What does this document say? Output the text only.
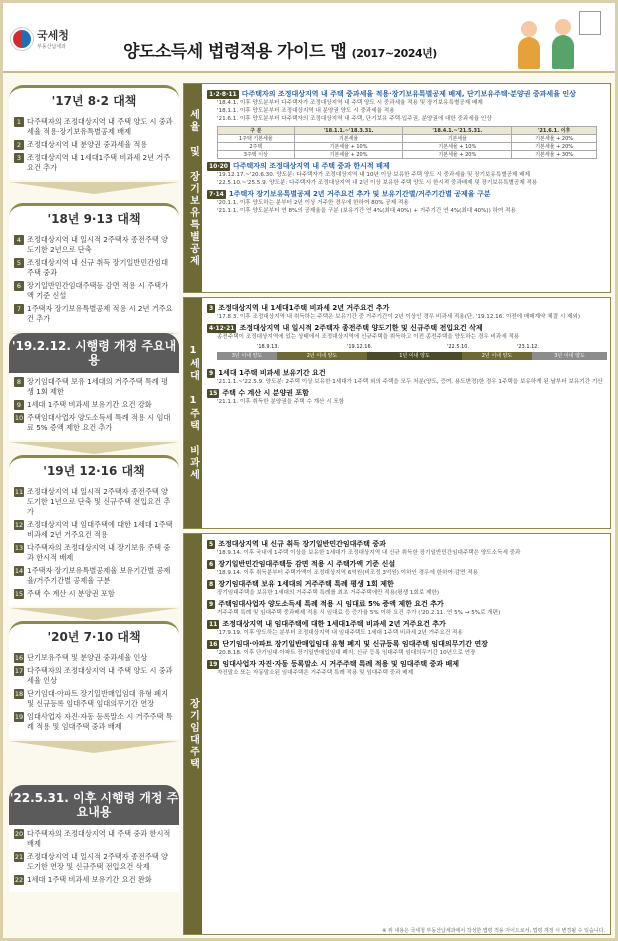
국세청
부동산납세과	양도소득세 법령적용 가이드 맵 (2017~2024년)
'17년 8·2 대책
1 다주택자의 조정대상지역 내 주택 양도 시 중과세율 적용·장기보유특별공제 배제
2 조정대상지역 내 분양권 중과세율 적용
3 조정대상지역 내 1세대1주택 비과세 2년 거주요건 추가
'18년 9·13 대책
4 조정대상지역 내 일시적 2주택자 종전주택 양도기한 2년으로 단축
5 조정대상지역 내 신규 취득 장기일반민간임대주택 중과
6 장기일반민간임대주택등 감면 적용 시 주택가액 기준 신설
7 1주택자 장기보유특별공제 적용 시 2년 거주요건 추가
'19.2.12. 시행령 개정 주요내용
8 장기임대주택 보유 1세대의 거주주택 특례 평생 1회 제한
9 1세대 1주택 비과세 보유기간 요건 강화
10 주택임대사업자 양도소득세 특례 적용 시 임대료 5% 증액 제한 요건 추가
'19년 12·16 대책
11 조정대상지역 내 일시적 2주택자 종전주택 양도기한 1년으로 단축 및 신규주택 전입요건 추가
12 조정대상지역 내 임대주택에 대한 1세대 1주택 비과세 2년 거주요건 적용
13 다주택자의 조정대상지역 내 장기보유 주택 중과 한시적 배제
14 1주택자 장기보유특별공제율 보유기간별 공제율/거주기간별 공제율 구분
15 주택 수 계산 시 분양권 포함
'20년 7·10 대책
16 단기보유주택 및 분양권 중과세율 인상
17 다주택자의 조정대상지역 내 주택 양도 시 중과세율 인상
18 단기임대·아파트 장기일반매입임대 유형 폐지 및 신규등록 임대주택 임대의무기간 연장
19 임대사업자 자진·자동 등록말소 시 거주주택 특례 적용 및 임대주택 중과 배제
'22.5.31. 이후 시행령 개정 주요내용
20 다주택자의 조정대상지역 내 주택 중과 한시적 배제
21 조정대상지역 내 일시적 2주택자 종전주택 양도기한 연장 및 신규주택 전입요건 삭제
22 1세대 1주택 비과세 보유기간 요건 완화
세율 및 장기보유특별공제
1·2·8·11 다주택자의 조정대상지역 내 주택 중과세율 적용·장기보유특별공제 배제, 단기보유주택·분양권 중과세율 인상
'18.4.1. 이후 양도분부터 다주택자가 조정대상지역 내 주택 양도 시 중과세율 적용 및 장기보유특별공제 배제
'18.1.1. 이후 양도분부터 조정대상지역 내 분양권 양도 시 중과세율 적용
'21.6.1. 이후 양도분부터 다주택자의 조정대상지역 내 주택, 단기보유 주택·입주권, 분양권에 대한 중과세율 인상
구 분	'18.1.1.~'18.3.31.	'18.4.1.~'21.5.31.	'21.6.1. 이후
1주택 기본세율	기본세율	기본세율	기본세율 + 20%
2주택	기본세율 + 10%	기본세율 + 10%	기본세율 + 20%
3주택 이상	기본세율 + 20%	기본세율 + 20%	기본세율 + 30%
10·20 다주택자의 조정대상지역 내 주택 중과 한시적 배제
'19.12.17.~'20.6.30. 양도분: 다주택자가 조정대상지역 내 10년 이상 보유한 주택 양도 시 중과세율 및 장기보유특별공제 배제
'22.5.10.~'25.5.9. 양도분: 다주택자가 조정대상지역 내 2년 이상 보유한 주택 양도 시 한시적 중과배제 및 장기보유특별공제 적용
7·14 1주택자 장기보유특별공제 2년 거주요건 추가 및 보유기간별/거주기간별 공제율 구분
'20.1.1. 이후 양도하는 분부터 2년 이상 거주한 경우에 한하여 80% 공제 적용
'21.1.1. 이후 양도분부터 연 8%의 공제율을 구분 (보유기간 연 4%(최대 40%) + 거주기간 연 4%(최대 40%)) 하여 적용
1세대 1주택 비과세
3 조정대상지역 내 1세대1주택 비과세 2년 거주요건 추가
'17.8.3. 이후 조정대상지역 내 취득하는 주택은 보유기간 중 거주기간이 2년 이상인 경우 비과세 적용(단, '19.12.16. 이전에 매매계약 체결 시 제외)
4·12·21 조정대상지역 내 일시적 2주택자 종전주택 양도기한 및 신규주택 전입요건 삭제
종전주택이 조정대상지역에 있는 상태에서 조정대상지역에 신규주택을 취득하고 이전 종전주택을 양도하는 경우 비과세 적용
'18.9.13.	'19.12.16.	'22.5.10.	'23.1.12.
3년 이내 양도	2년 이내 양도	1년 이내 양도	2년 이내 양도	3년 이내 양도
9 1세대 1주택 비과세 보유기간 요건
'21.1.1.~'22.5.9. 양도분: 2주택 이상 보유한 1세대가 1주택 외의 주택을 모두 처분(양도, 증여, 용도변경)한 경우 1주택을 보유하게 된 날부터 보유기간 기산
15 주택 수 계산 시 분양권 포함
'21.1.1. 이후 취득한 분양권을 주택 수 계산 시 포함
장기임대주택
5 조정대상지역 내 신규 취득 장기일반민간임대주택 중과
'18.9.14. 이후 국내에 1주택 이상을 보유한 1세대가 조정대상지역 내 신규 취득한 장기일반민간임대주택은 양도소득세 중과
6 장기일반민간임대주택등 감면 적용 시 주택가액 기준 신설
'18.9.14. 이후 취득분부터 주택가액이 조정대상지역 6억원(비조정 3억원) 이하인 경우에 한하여 감면 적용
8 장기임대주택 보유 1세대의 거주주택 특례 평생 1회 제한
장기임대주택을 보유한 1세대의 거주주택 특례를 최초 거주주택에만 적용(평생 1회로 제한)
9 주택임대사업자 양도소득세 특례 적용 시 임대료 5% 증액 제한 요건 추가
거주주택 특례 및 임대주택 중과배제 적용 시 임대료 등 증가율 5% 이하 요건 추가 ('20.2.11. 연 5% → 5%로 개편)
11 조정대상지역 내 임대주택에 대한 1세대1주택 비과세 2년 거주요건 추가
'17.9.19. 이후 양도하는 분부터 조정대상지역 내 임대주택도 1세대 1주택 비과세 2년 거주요건 적용
16 단기임대·아파트 장기일반매입임대 유형 폐지 및 신규등록 임대주택 임대의무기간 연장
'20.8.18. 이후 단기임대·아파트 장기일반매입임대 폐지, 신규 등록 임대주택 임대의무기간 10년으로 연장
19 임대사업자 자진·자동 등록말소 시 거주주택 특례 적용 및 임대주택 중과 배제
자진말소 또는 자동말소된 임대주택은 거주주택 특례 적용 및 임대주택 중과 배제
※ 위 내용은 국세청 부동산납세과에서 작성한 법령 적용 가이드로서, 법령 개정 시 변경될 수 있습니다.
